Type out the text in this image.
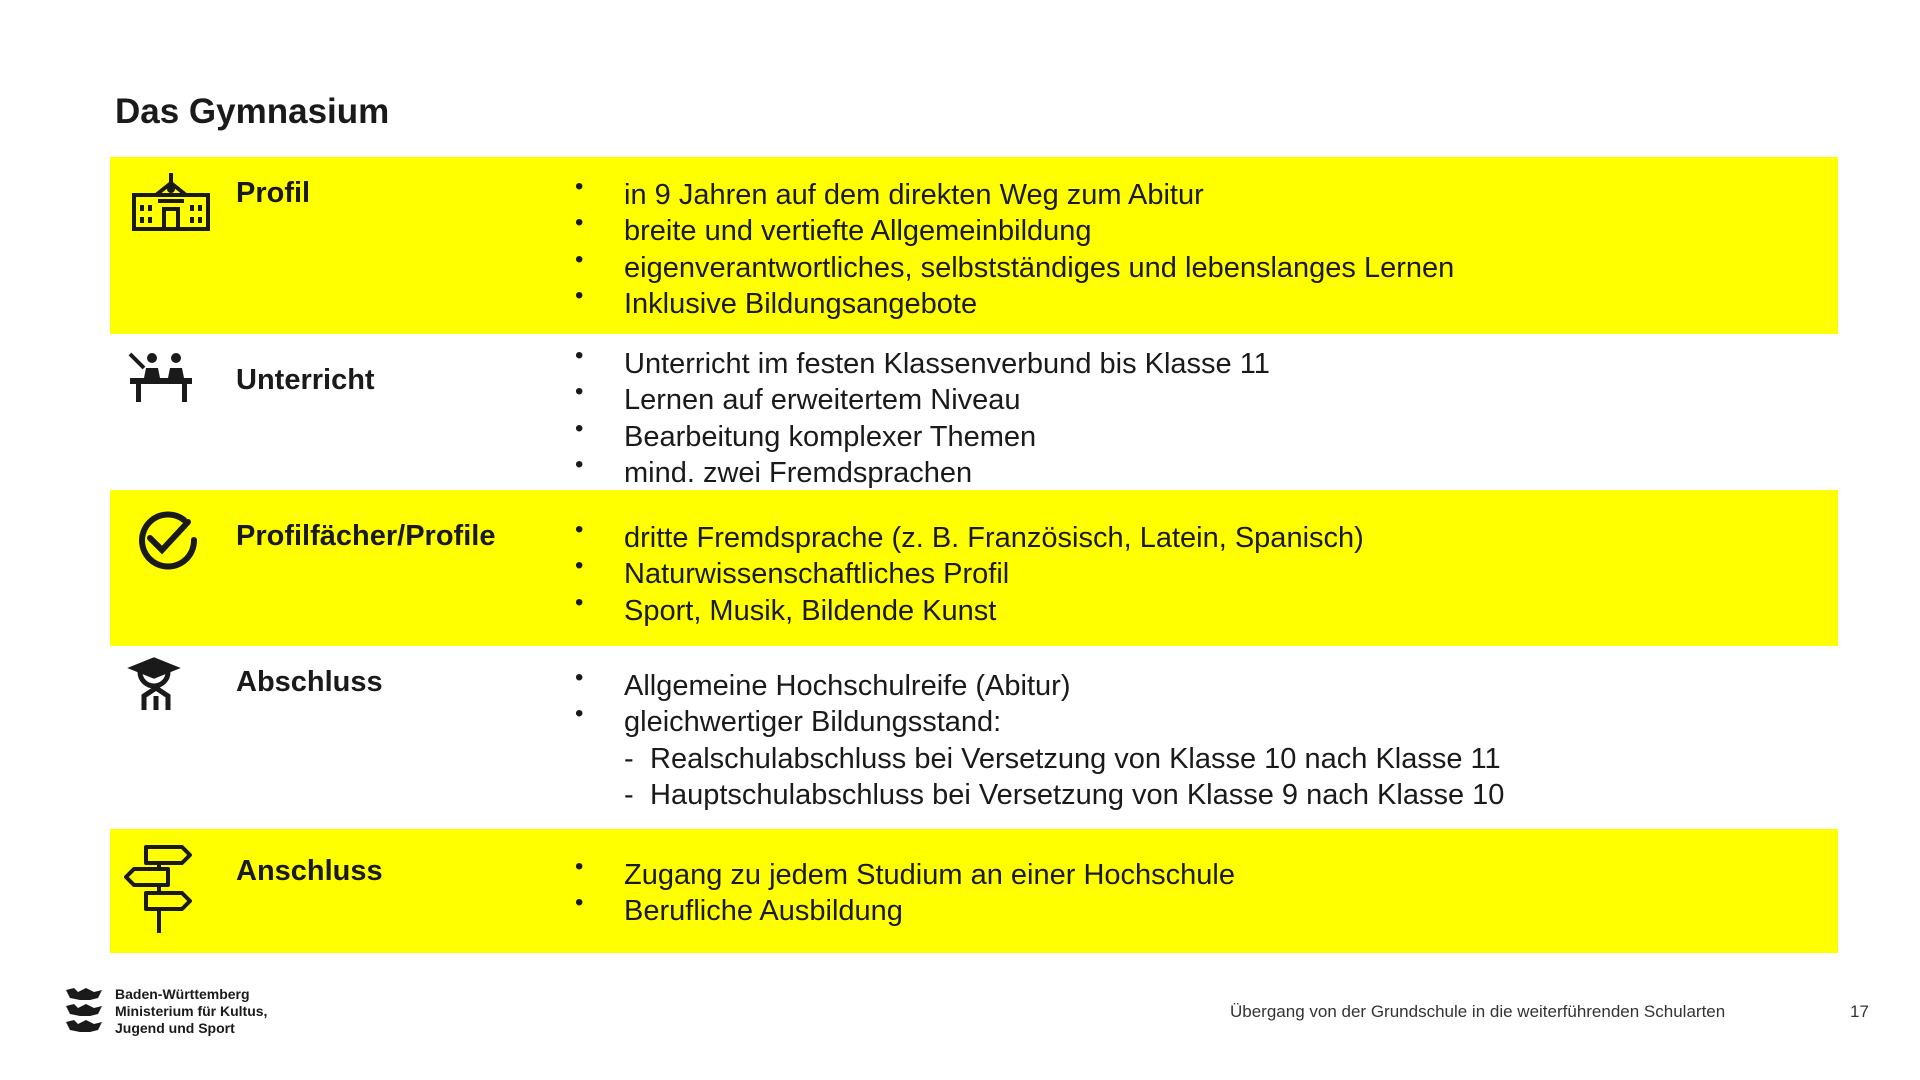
Das Gymnasium
Profil	• in 9 Jahren auf dem direkten Weg zum Abitur
• breite und vertiefte Allgemeinbildung
• eigenverantwortliches, selbstständiges und lebenslanges Lernen
• Inklusive Bildungsangebote
Unterricht	• Unterricht im festen Klassenverbund bis Klasse 11
• Lernen auf erweitertem Niveau
• Bearbeitung komplexer Themen
• mind. zwei Fremdsprachen
Profilfächer/Profile	• dritte Fremdsprache (z. B. Französisch, Latein, Spanisch)
• Naturwissenschaftliches Profil
• Sport, Musik, Bildende Kunst
Abschluss	• Allgemeine Hochschulreife (Abitur)
• gleichwertiger Bildungsstand:
- Realschulabschluss bei Versetzung von Klasse 10 nach Klasse 11
- Hauptschulabschluss bei Versetzung von Klasse 9 nach Klasse 10
Anschluss	• Zugang zu jedem Studium an einer Hochschule
• Berufliche Ausbildung
Baden-Württemberg
Ministerium für Kultus,
Jugend und Sport
Übergang von der Grundschule in die weiterführenden Schularten	17
